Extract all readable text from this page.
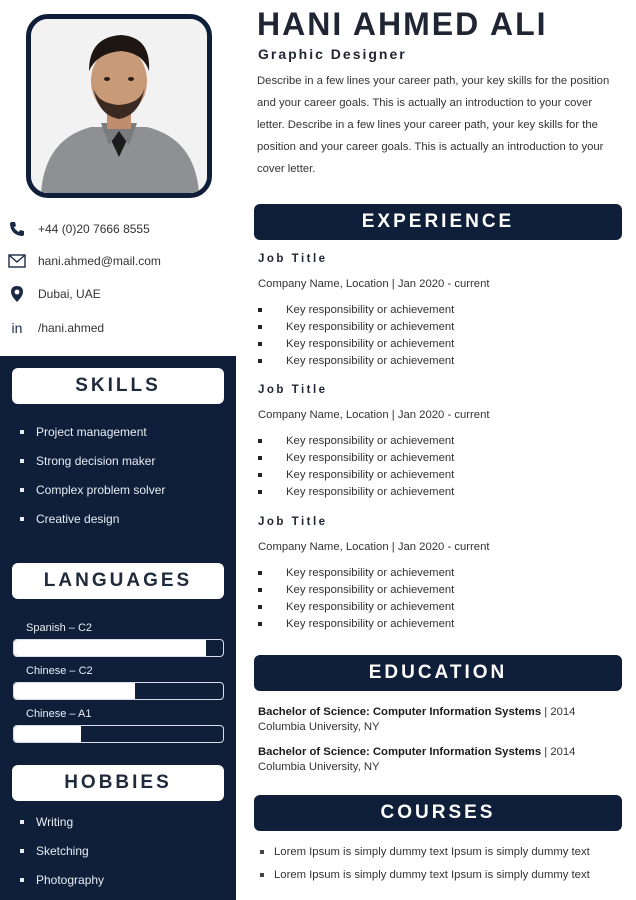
+44 (0)20 7666 8555
hani.ahmed@mail.com
Dubai, UAE
in /hani.ahmed
SKILLS
Project management
Strong decision maker
Complex problem solver
Creative design
LANGUAGES
Spanish – C2
Chinese – C2
Chinese – A1
HOBBIES
Writing
Sketching
Photography
HANI AHMED ALI
Graphic Designer
Describe in a few lines your career path, your key skills for the position and your career goals. This is actually an introduction to your cover letter. Describe in a few lines your career path, your key skills for the position and your career goals. This is actually an introduction to your cover letter.
EXPERIENCE
Job Title
Company Name, Location | Jan 2020 - current
Key responsibility or achievement
Key responsibility or achievement
Key responsibility or achievement
Key responsibility or achievement
Job Title
Company Name, Location | Jan 2020 - current
Key responsibility or achievement
Key responsibility or achievement
Key responsibility or achievement
Key responsibility or achievement
Job Title
Company Name, Location | Jan 2020 - current
Key responsibility or achievement
Key responsibility or achievement
Key responsibility or achievement
Key responsibility or achievement
EDUCATION
Bachelor of Science: Computer Information Systems | 2014
Columbia University, NY
Bachelor of Science: Computer Information Systems | 2014
Columbia University, NY
COURSES
Lorem Ipsum is simply dummy text Ipsum is simply dummy text
Lorem Ipsum is simply dummy text Ipsum is simply dummy text
